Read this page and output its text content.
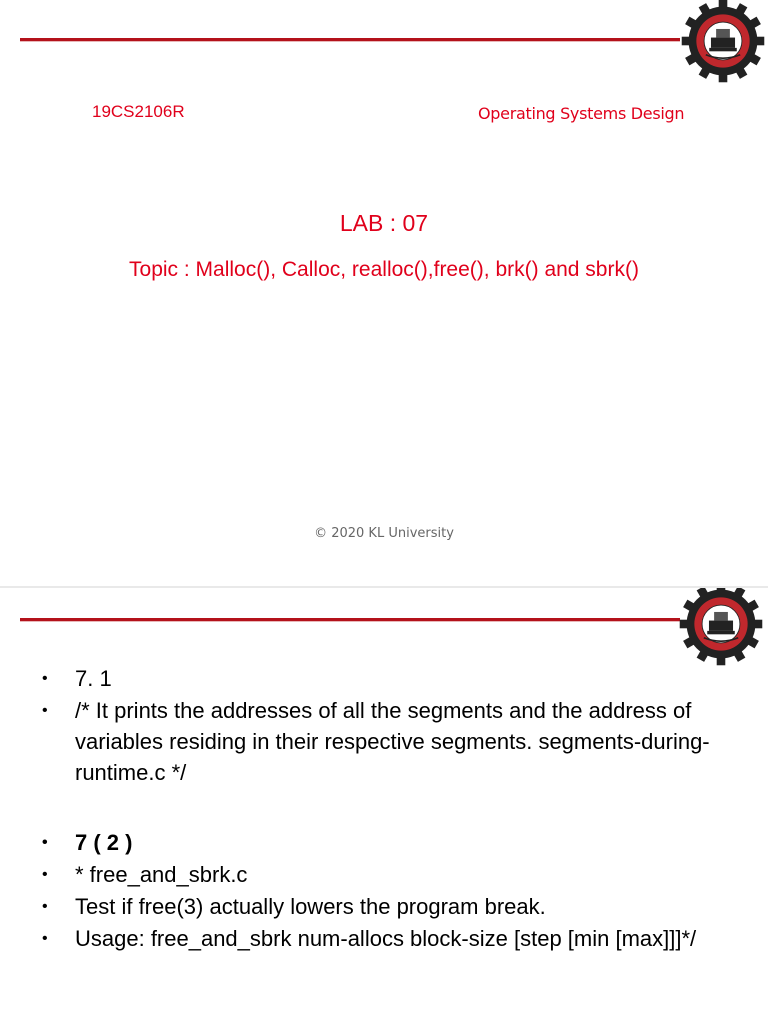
19CS2106R	Operating Systems Design
LAB : 07
Topic : Malloc(), Calloc, realloc(),free(), brk() and sbrk()
© 2020 KL University
• 7. 1
• /* It prints the addresses of all the segments and the address of variables residing in their respective segments. segments-during-runtime.c */
• 7 ( 2 )
• * free_and_sbrk.c
• Test if free(3) actually lowers the program break.
• Usage: free_and_sbrk num-allocs block-size [step [min [max]]]*/
